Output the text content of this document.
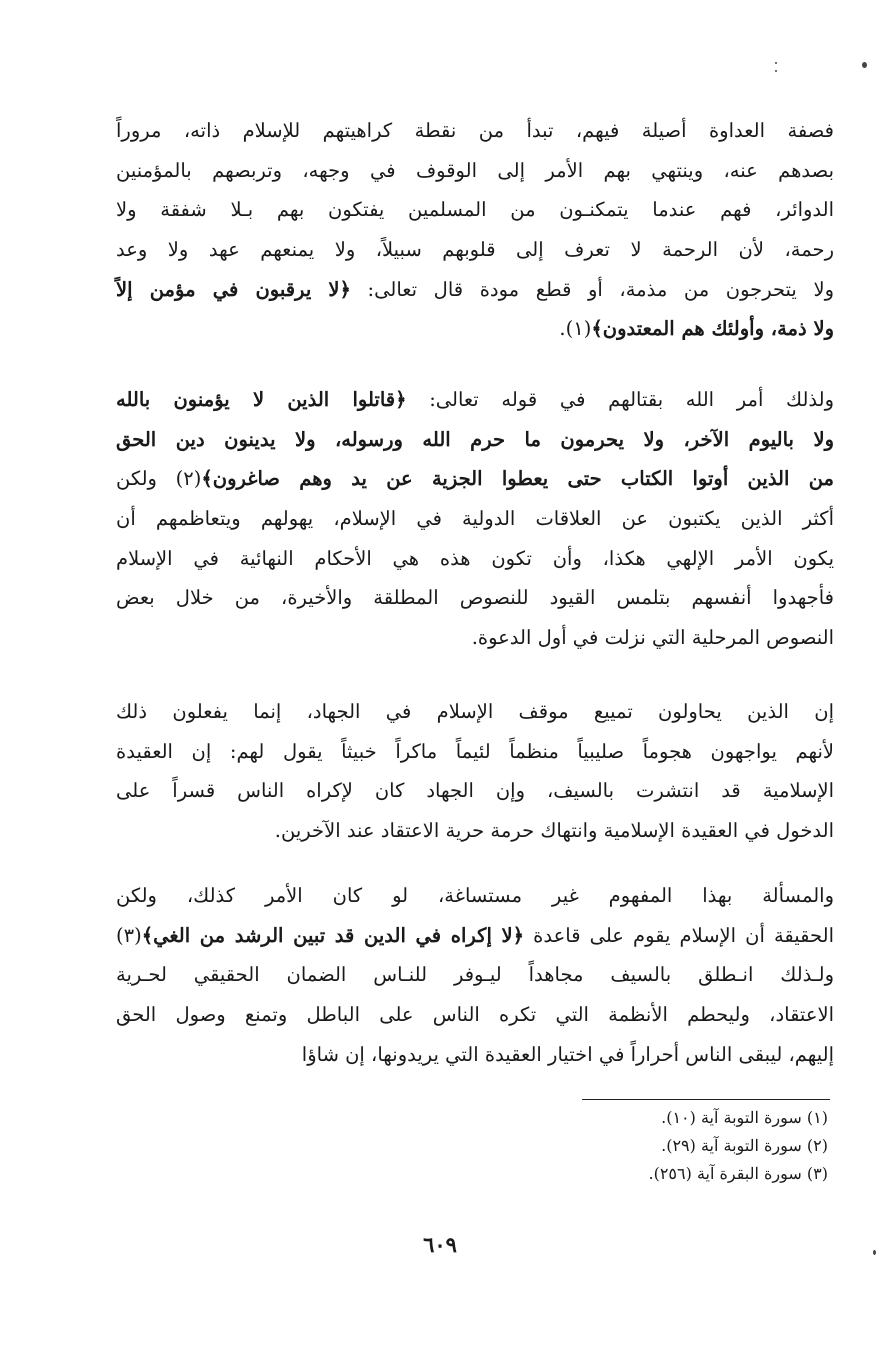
فصفة العداوة أصيلة فيهم، تبدأ من نقطة كراهيتهم للإسلام ذاته، مروراً
بصدهم عنه، وينتهي بهم الأمر إلى الوقوف في وجهه، وتربصهم بالمؤمنين
الدوائر، فهم عندما يتمكنـون من المسلمين يفتكون بهم بـلا شفقة ولا
رحمة، لأن الرحمة لا تعرف إلى قلوبهم سبيلاً، ولا يمنعهم عهد ولا وعد
ولا يتحرجون من مذمة، أو قطع مودة قال تعالى: ﴿لا يرقبون في مؤمن إلاً
ولا ذمة، وأولئك هم المعتدون﴾(١).
ولذلك أمر الله بقتالهم في قوله تعالى: ﴿قاتلوا الذين لا يؤمنون بالله
ولا باليوم الآخر، ولا يحرمون ما حرم الله ورسوله، ولا يدينون دين الحق
من الذين أوتوا الكتاب حتى يعطوا الجزية عن يد وهم صاغرون﴾(٢) ولكن
أكثر الذين يكتبون عن العلاقات الدولية في الإسلام، يهولهم ويتعاظمهم أن
يكون الأمر الإلهي هكذا، وأن تكون هذه هي الأحكام النهائية في الإسلام
فأجهدوا أنفسهم بتلمس القيود للنصوص المطلقة والأخيرة، من خلال بعض
النصوص المرحلية التي نزلت في أول الدعوة.
إن الذين يحاولون تمييع موقف الإسلام في الجهاد، إنما يفعلون ذلك
لأنهم يواجهون هجوماً صليبياً منظماً لئيماً ماكراً خبيثاً يقول لهم: إن العقيدة
الإسلامية قد انتشرت بالسيف، وإن الجهاد كان لإكراه الناس قسراً على
الدخول في العقيدة الإسلامية وانتهاك حرمة حرية الاعتقاد عند الآخرين.
والمسألة بهذا المفهوم غير مستساغة، لو كان الأمر كذلك، ولكن
الحقيقة أن الإسلام يقوم على قاعدة ﴿لا إكراه في الدين قد تبين الرشد من الغي﴾(٣)
ولـذلك انـطلق بالسيف مجاهداً ليـوفر للنـاس الضمان الحقيقي لحـرية
الاعتقاد، وليحطم الأنظمة التي تكره الناس على الباطل وتمنع وصول الحق
إليهم، ليبقى الناس أحراراً في اختيار العقيدة التي يريدونها، إن شاؤا
(١) سورة التوبة آية (١٠).
(٢) سورة التوبة آية (٢٩).
(٣) سورة البقرة آية (٢٥٦).
٦٠٩
